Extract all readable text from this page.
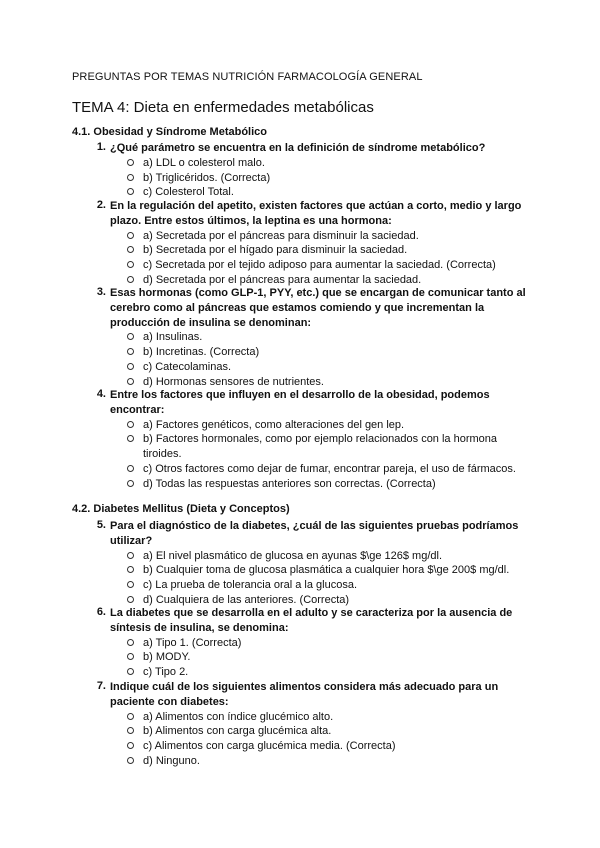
PREGUNTAS POR TEMAS NUTRICIÓN FARMACOLOGÍA GENERAL
TEMA 4: Dieta en enfermedades metabólicas
4.1. Obesidad y Síndrome Metabólico
1. ¿Qué parámetro se encuentra en la definición de síndrome metabólico?
a) LDL o colesterol malo.
b) Triglicéridos. (Correcta)
c) Colesterol Total.
2. En la regulación del apetito, existen factores que actúan a corto, medio y largo plazo. Entre estos últimos, la leptina es una hormona:
a) Secretada por el páncreas para disminuir la saciedad.
b) Secretada por el hígado para disminuir la saciedad.
c) Secretada por el tejido adiposo para aumentar la saciedad. (Correcta)
d) Secretada por el páncreas para aumentar la saciedad.
3. Esas hormonas (como GLP-1, PYY, etc.) que se encargan de comunicar tanto al cerebro como al páncreas que estamos comiendo y que incrementan la producción de insulina se denominan:
a) Insulinas.
b) Incretinas. (Correcta)
c) Catecolaminas.
d) Hormonas sensores de nutrientes.
4. Entre los factores que influyen en el desarrollo de la obesidad, podemos encontrar:
a) Factores genéticos, como alteraciones del gen lep.
b) Factores hormonales, como por ejemplo relacionados con la hormona tiroides.
c) Otros factores como dejar de fumar, encontrar pareja, el uso de fármacos.
d) Todas las respuestas anteriores son correctas. (Correcta)
4.2. Diabetes Mellitus (Dieta y Conceptos)
5. Para el diagnóstico de la diabetes, ¿cuál de las siguientes pruebas podríamos utilizar?
a) El nivel plasmático de glucosa en ayunas $\ge 126$ mg/dl.
b) Cualquier toma de glucosa plasmática a cualquier hora $\ge 200$ mg/dl.
c) La prueba de tolerancia oral a la glucosa.
d) Cualquiera de las anteriores. (Correcta)
6. La diabetes que se desarrolla en el adulto y se caracteriza por la ausencia de síntesis de insulina, se denomina:
a) Tipo 1. (Correcta)
b) MODY.
c) Tipo 2.
7. Indique cuál de los siguientes alimentos considera más adecuado para un paciente con diabetes:
a) Alimentos con índice glucémico alto.
b) Alimentos con carga glucémica alta.
c) Alimentos con carga glucémica media. (Correcta)
d) Ninguno.
